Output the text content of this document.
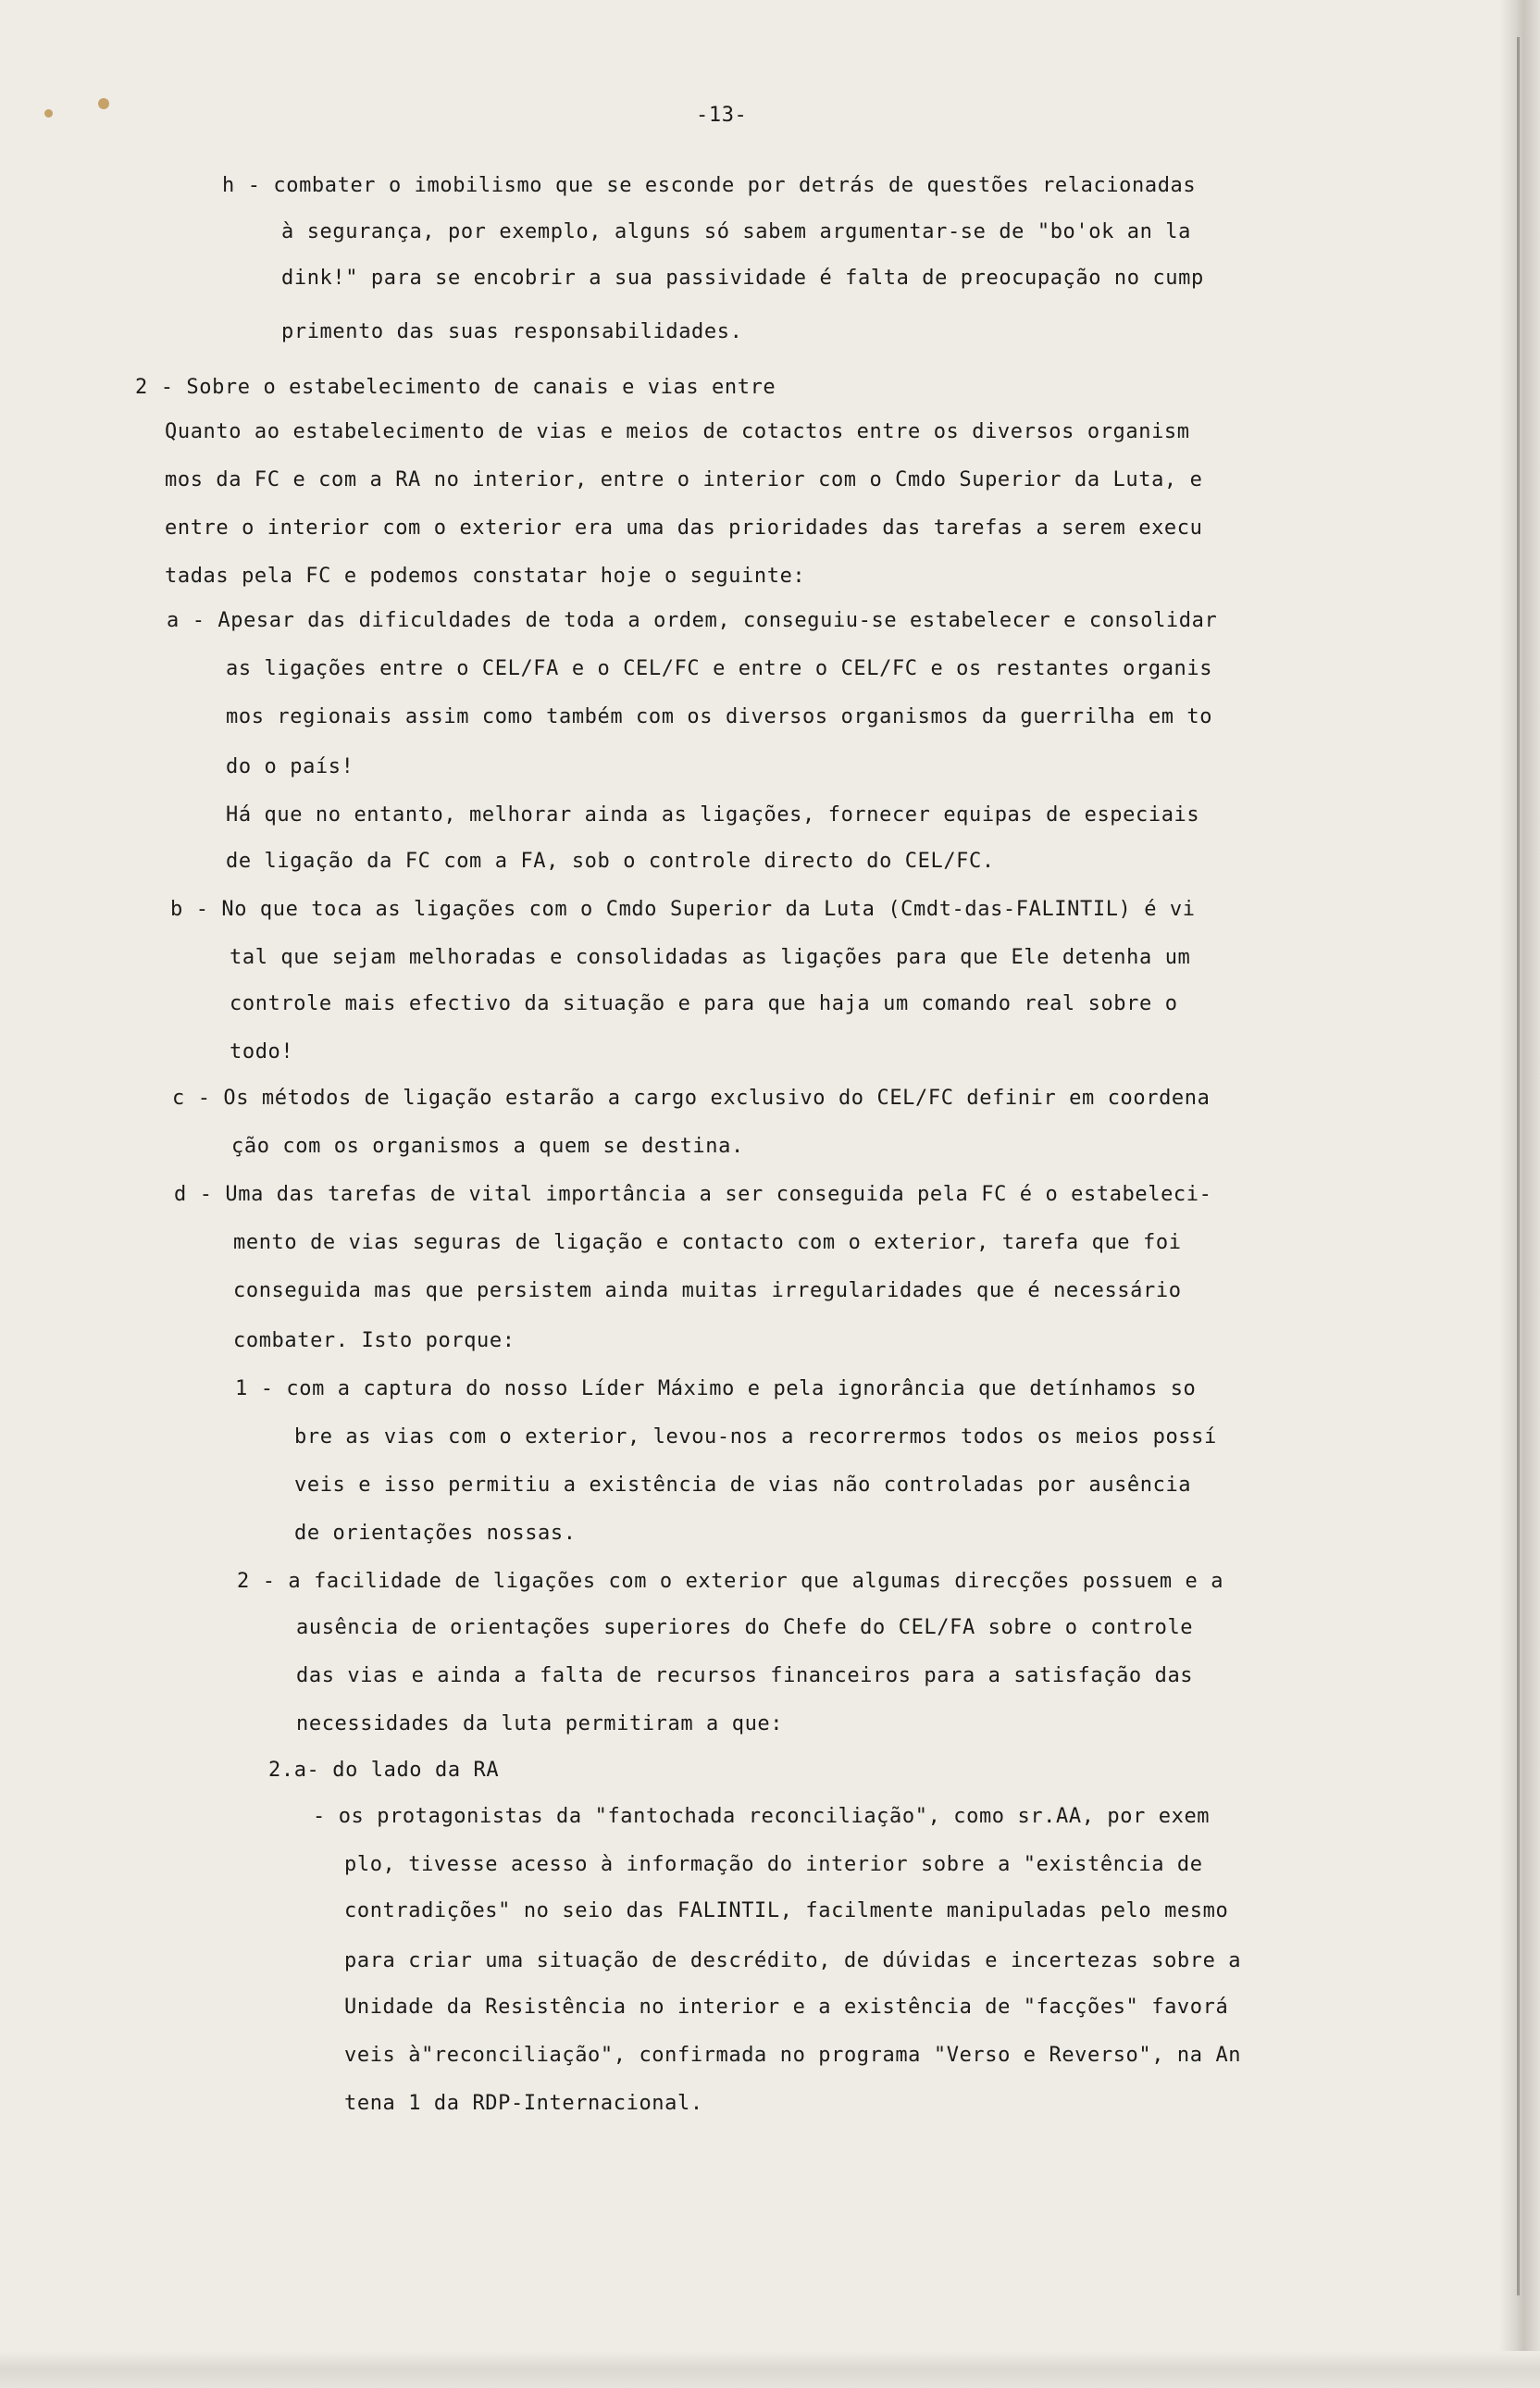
-13-
h - combater o imobilismo que se esconde por detrás de questões relacionadas
à segurança, por exemplo, alguns só sabem argumentar-se de "bo'ok an la
dink!" para se encobrir a sua passividade é falta de preocupação no cump
primento das suas responsabilidades.
2 - Sobre o estabelecimento de canais e vias entre
Quanto ao estabelecimento de vias e meios de cotactos entre os diversos organism
mos da FC e com a RA no interior, entre o interior com o Cmdo Superior da Luta, e
entre o interior com o exterior era uma das prioridades das tarefas a serem execu
tadas pela FC e podemos constatar hoje o seguinte:
a - Apesar das dificuldades de toda a ordem, conseguiu-se estabelecer e consolidar
as ligações entre o CEL/FA e o CEL/FC e entre o CEL/FC e os restantes organis
mos regionais assim como também com os diversos organismos da guerrilha em to
do o país!
Há que no entanto, melhorar ainda as ligações, fornecer equipas de especiais
de ligação da FC com a FA, sob o controle directo do CEL/FC.
b - No que toca as ligações com o Cmdo Superior da Luta (Cmdt-das-FALINTIL) é vi
tal que sejam melhoradas e consolidadas as ligações para que Ele detenha um
controle mais efectivo da situação e para que haja um comando real sobre o
todo!
c - Os métodos de ligação estarão a cargo exclusivo do CEL/FC definir em coordena
ção com os organismos a quem se destina.
d - Uma das tarefas de vital importância a ser conseguida pela FC é o estabeleci-
mento de vias seguras de ligação e contacto com o exterior, tarefa que foi
conseguida mas que persistem ainda muitas irregularidades que é necessário
combater. Isto porque:
1 - com a captura do nosso Líder Máximo e pela ignorância que detínhamos so
bre as vias com o exterior, levou-nos a recorrermos todos os meios possí
veis e isso permitiu a existência de vias não controladas por ausência
de orientações nossas.
2 - a facilidade de ligações com o exterior que algumas direcções possuem e a
ausência de orientações superiores do Chefe do CEL/FA sobre o controle
das vias e ainda a falta de recursos financeiros para a satisfação das
necessidades da luta permitiram a que:
2.a- do lado da RA
- os protagonistas da "fantochada reconciliação", como sr.AA, por exem
plo, tivesse acesso à informação do interior sobre a "existência de
contradições" no seio das FALINTIL, facilmente manipuladas pelo mesmo
para criar uma situação de descrédito, de dúvidas e incertezas sobre a
Unidade da Resistência no interior e a existência de "facções" favorá
veis à"reconciliação", confirmada no programa "Verso e Reverso", na An
tena 1 da RDP-Internacional.
